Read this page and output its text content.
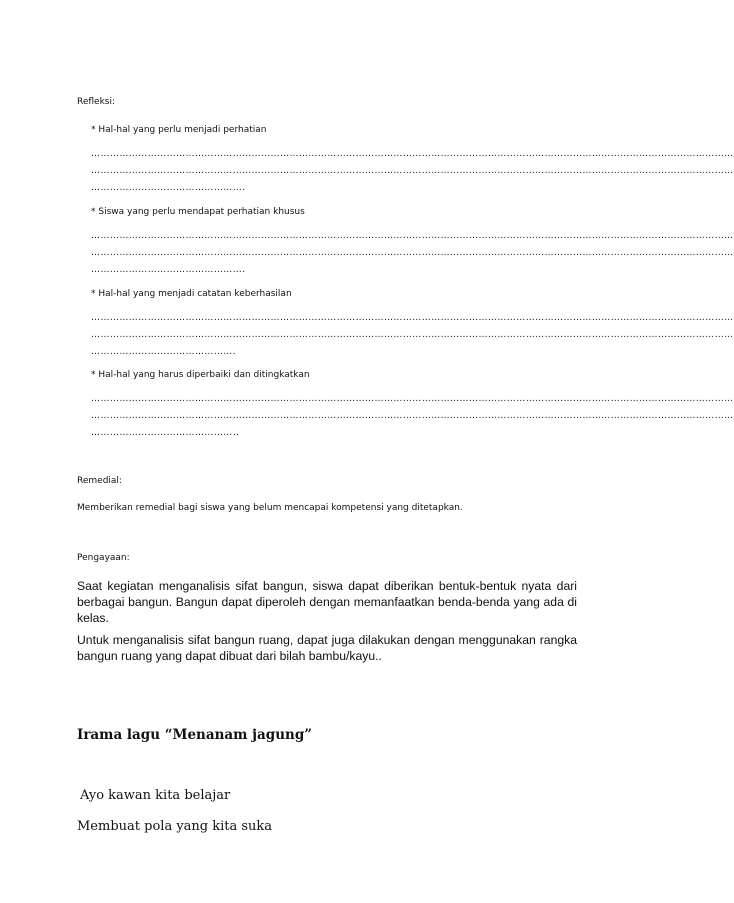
Refleksi:
* Hal-hal yang perlu menjadi perhatian
……………………………………………………………………………………………………………………………………………………………………………………
……………………………………………………………………………………………………………………………………………………………………………………
………………………………………….
* Siswa yang perlu mendapat perhatian khusus
……………………………………………………………………………………………………………………………………………………………………………………
……………………………………………………………………………………………………………………………………………………………………………………
………………………………………….
* Hal-hal yang menjadi catatan keberhasilan
……………………………………………………………………………………………………………………………………………………………………………………
……………………………………………………………………………………………………………………………………………………………………………………
……………………………………….
* Hal-hal yang harus diperbaiki dan ditingkatkan
……………………………………………………………………………………………………………………………………………………………………………………
……………………………………………………………………………………………………………………………………………………………………………………
………………………………………..
Remedial:
Memberikan remedial bagi siswa yang belum mencapai kompetensi yang ditetapkan.
Pengayaan:
Saat kegiatan menganalisis sifat bangun, siswa dapat diberikan bentuk-bentuk nyata dari berbagai bangun. Bangun dapat diperoleh dengan memanfaatkan benda-benda yang ada di kelas.
Untuk menganalisis sifat bangun ruang, dapat juga dilakukan dengan menggunakan rangka bangun ruang yang dapat dibuat dari bilah bambu/kayu..
Irama lagu “Menanam jagung”
Ayo kawan kita belajar
Membuat pola yang kita suka
